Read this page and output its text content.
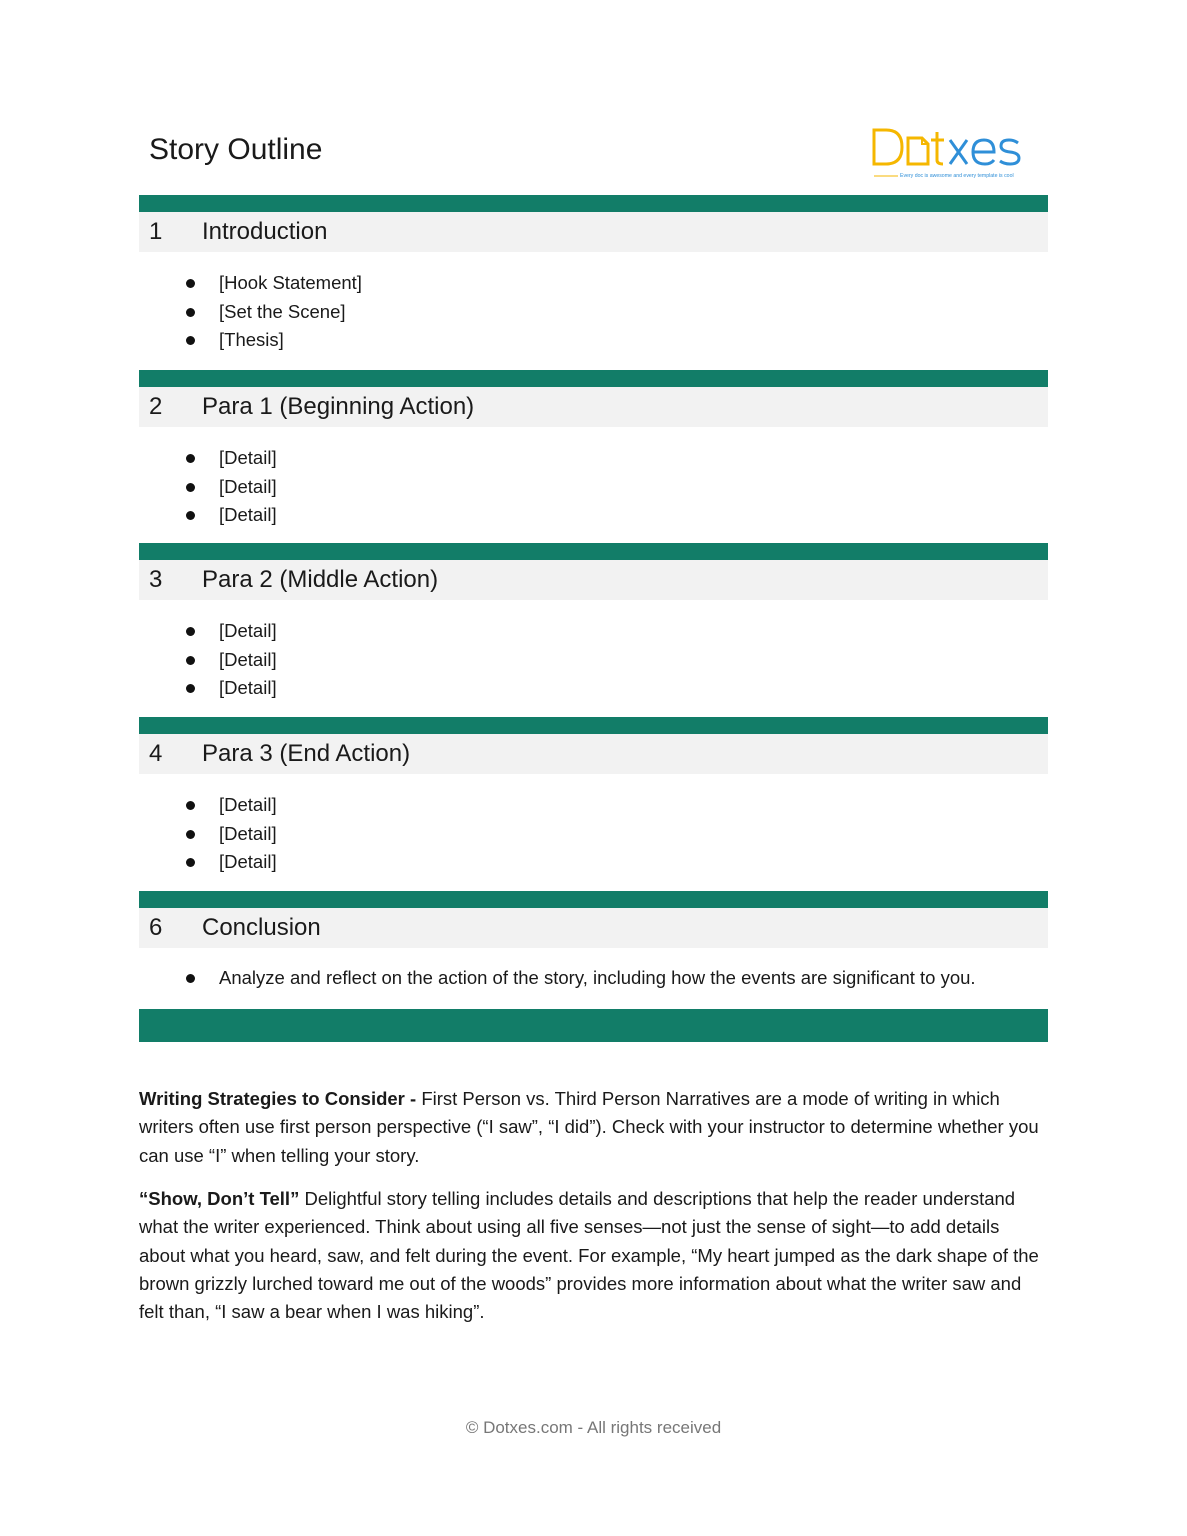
Story Outline
Every doc is awesome and every template is cool
1	Introduction
[Hook Statement]
[Set the Scene]
[Thesis]
2	Para 1 (Beginning Action)
[Detail]
[Detail]
[Detail]
3	Para 2 (Middle Action)
[Detail]
[Detail]
[Detail]
4	Para 3 (End Action)
[Detail]
[Detail]
[Detail]
6	Conclusion
Analyze and reflect on the action of the story, including how the events are significant to you.
Writing Strategies to Consider - First Person vs. Third Person Narratives are a mode of writing in which writers often use first person perspective (“I saw”, “I did”). Check with your instructor to determine whether you can use “I” when telling your story.
“Show, Don’t Tell” Delightful story telling includes details and descriptions that help the reader understand what the writer experienced. Think about using all five senses—not just the sense of sight—to add details about what you heard, saw, and felt during the event. For example, “My heart jumped as the dark shape of the brown grizzly lurched toward me out of the woods” provides more information about what the writer saw and felt than, “I saw a bear when I was hiking”.
© Dotxes.com - All rights received
